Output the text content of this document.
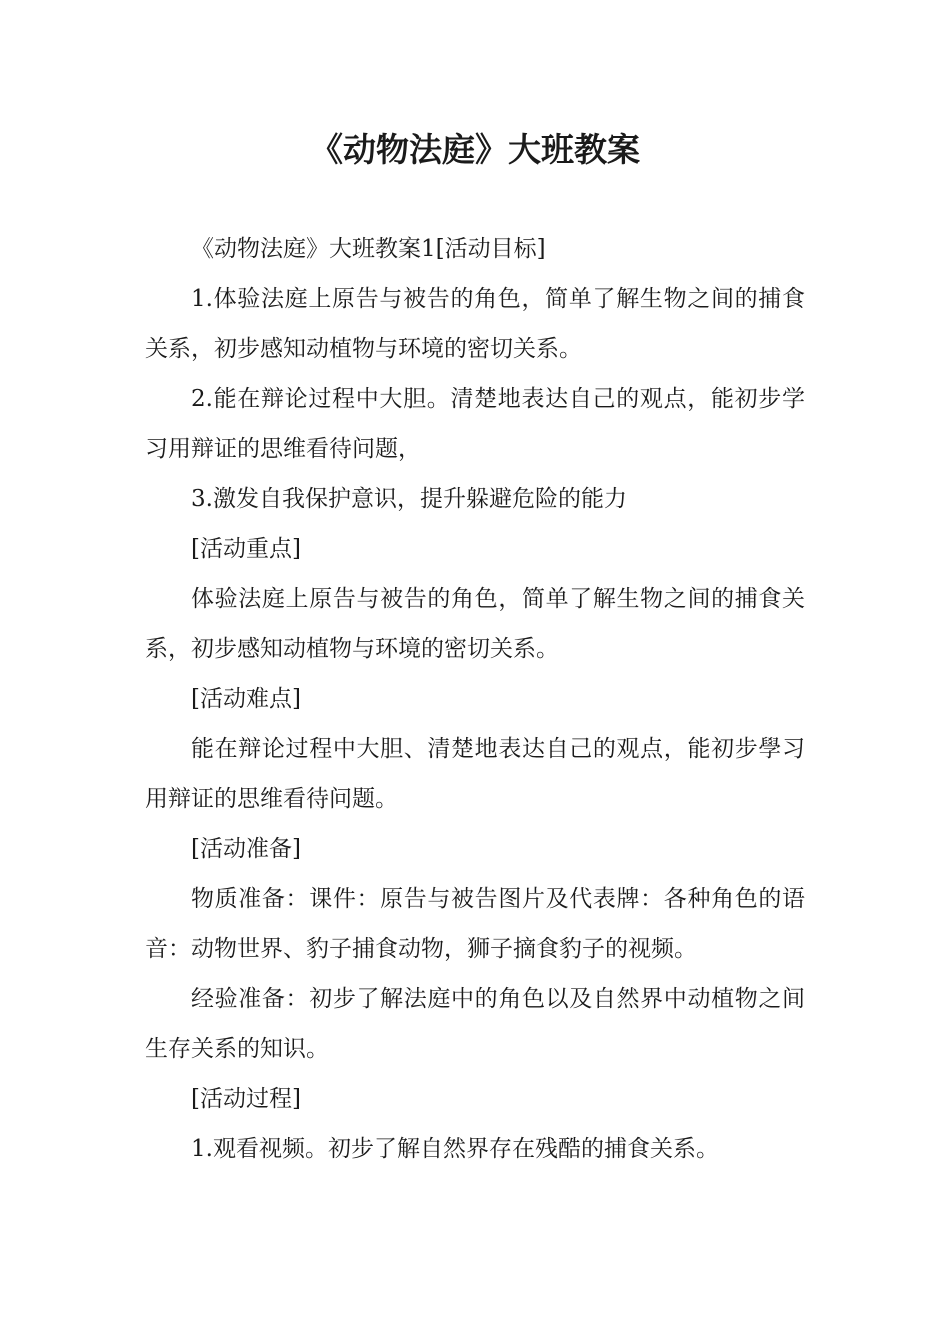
《动物法庭》大班教案

《动物法庭》大班教案1[活动目标]

1.体验法庭上原告与被告的角色，简单了解生物之间的捕食关系，初步感知动植物与环境的密切关系。

2.能在辩论过程中大胆。清楚地表达自己的观点，能初步学习用辩证的思维看待问题，

3.激发自我保护意识，提升躲避危险的能力

[活动重点]

体验法庭上原告与被告的角色，简单了解生物之间的捕食关系，初步感知动植物与环境的密切关系。

[活动难点]

能在辩论过程中大胆、清楚地表达自己的观点，能初步學习用辩证的思维看待问题。

[活动准备]

物质准备：课件：原告与被告图片及代表牌：各种角色的语音：动物世界、豹子捕食动物，狮子摘食豹子的视频。

经验准备：初步了解法庭中的角色以及自然界中动植物之间生存关系的知识。

[活动过程]

1.观看视频。初步了解自然界存在残酷的捕食关系。
